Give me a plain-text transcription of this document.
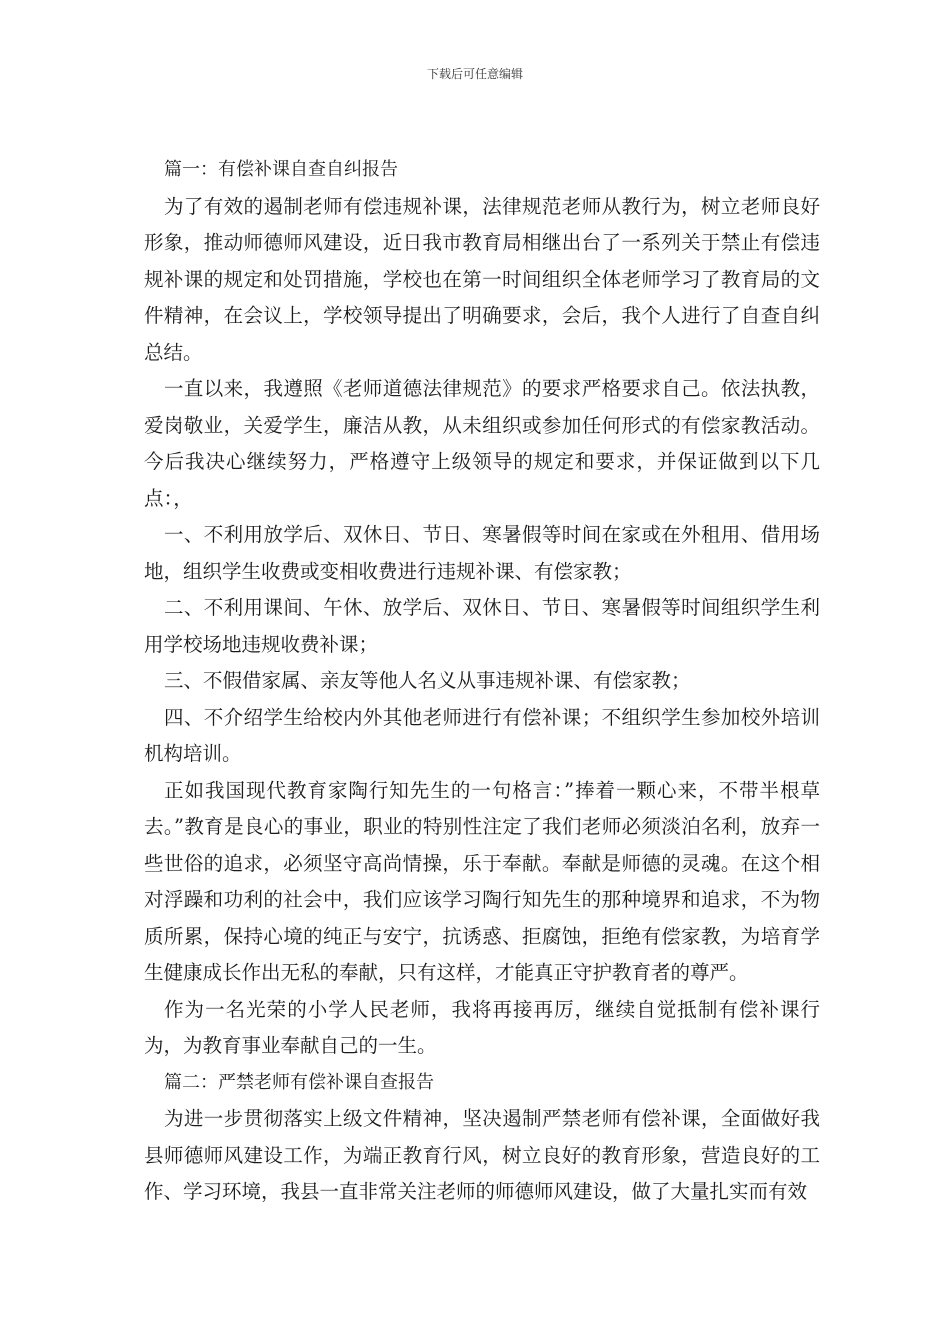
下载后可任意编辑

篇一：有偿补课自查自纠报告

为了有效的遏制老师有偿违规补课，法律规范老师从教行为，树立老师良好形象，推动师德师风建设，近日我市教育局相继出台了一系列关于禁止有偿违规补课的规定和处罚措施，学校也在第一时间组织全体老师学习了教育局的文件精神，在会议上，学校领导提出了明确要求，会后，我个人进行了自查自纠总结。

一直以来，我遵照《老师道德法律规范》的要求严格要求自己。依法执教，爱岗敬业，关爱学生，廉洁从教，从未组织或参加任何形式的有偿家教活动。今后我决心继续努力，严格遵守上级领导的规定和要求，并保证做到以下几点：，

一、不利用放学后、双休日、节日、寒暑假等时间在家或在外租用、借用场地，组织学生收费或变相收费进行违规补课、有偿家教；

二、不利用课间、午休、放学后、双休日、节日、寒暑假等时间组织学生利用学校场地违规收费补课；

三、不假借家属、亲友等他人名义从事违规补课、有偿家教；

四、不介绍学生给校内外其他老师进行有偿补课；不组织学生参加校外培训机构培训。

正如我国现代教育家陶行知先生的一句格言：”捧着一颗心来，不带半根草去。”教育是良心的事业，职业的特别性注定了我们老师必须淡泊名利，放弃一些世俗的追求，必须坚守高尚情操，乐于奉献。奉献是师德的灵魂。在这个相对浮躁和功利的社会中，我们应该学习陶行知先生的那种境界和追求，不为物质所累，保持心境的纯正与安宁，抗诱惑、拒腐蚀，拒绝有偿家教，为培育学生健康成长作出无私的奉献，只有这样，才能真正守护教育者的尊严。

作为一名光荣的小学人民老师，我将再接再厉，继续自觉抵制有偿补课行为，为教育事业奉献自己的一生。

篇二：严禁老师有偿补课自查报告

为进一步贯彻落实上级文件精神，坚决遏制严禁老师有偿补课，全面做好我县师德师风建设工作，为端正教育行风，树立良好的教育形象，营造良好的工作、学习环境，我县一直非常关注老师的师德师风建设，做了大量扎实而有效
